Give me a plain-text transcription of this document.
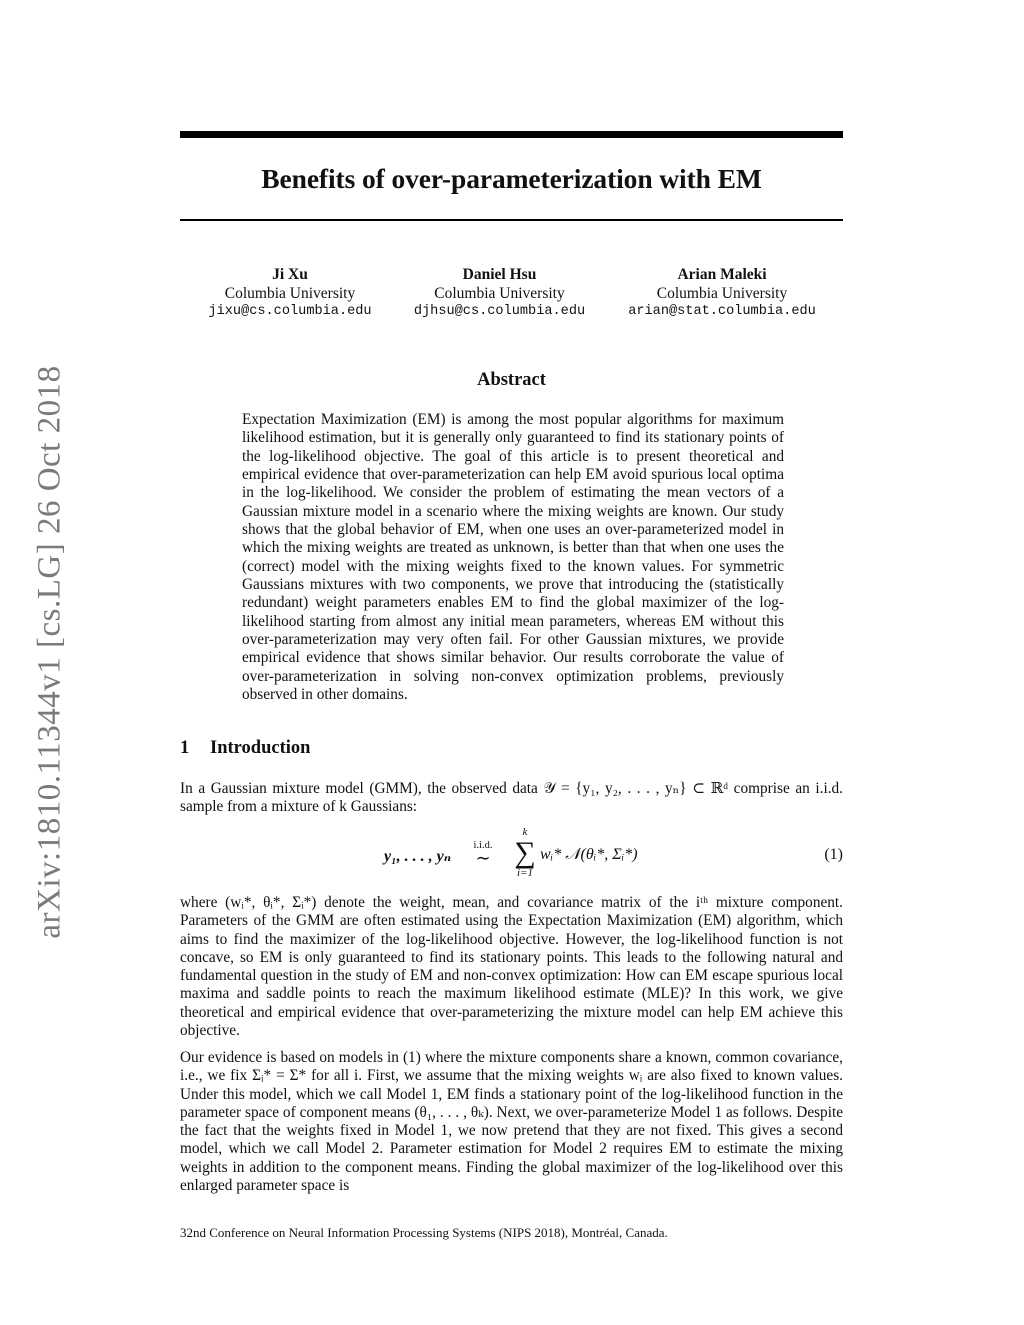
Benefits of over-parameterization with EM
Ji Xu
Columbia University
jixu@cs.columbia.edu
Daniel Hsu
Columbia University
djhsu@cs.columbia.edu
Arian Maleki
Columbia University
arian@stat.columbia.edu
Abstract
Expectation Maximization (EM) is among the most popular algorithms for maximum likelihood estimation, but it is generally only guaranteed to find its stationary points of the log-likelihood objective. The goal of this article is to present theoretical and empirical evidence that over-parameterization can help EM avoid spurious local optima in the log-likelihood. We consider the problem of estimating the mean vectors of a Gaussian mixture model in a scenario where the mixing weights are known. Our study shows that the global behavior of EM, when one uses an over-parameterized model in which the mixing weights are treated as unknown, is better than that when one uses the (correct) model with the mixing weights fixed to the known values. For symmetric Gaussians mixtures with two components, we prove that introducing the (statistically redundant) weight parameters enables EM to find the global maximizer of the log-likelihood starting from almost any initial mean parameters, whereas EM without this over-parameterization may very often fail. For other Gaussian mixtures, we provide empirical evidence that shows similar behavior. Our results corroborate the value of over-parameterization in solving non-convex optimization problems, previously observed in other domains.
1 Introduction
In a Gaussian mixture model (GMM), the observed data 𝒴 = {y₁, y₂, . . . , yₙ} ⊂ ℝᵈ comprise an i.i.d. sample from a mixture of k Gaussians:
y₁, . . . , yₙ
i.i.d.
∼
k
∑
i=1
wᵢ* 𝒩(θᵢ*, Σᵢ*)	(1)
where (wᵢ*, θᵢ*, Σᵢ*) denote the weight, mean, and covariance matrix of the iᵗʰ mixture component. Parameters of the GMM are often estimated using the Expectation Maximization (EM) algorithm, which aims to find the maximizer of the log-likelihood objective. However, the log-likelihood function is not concave, so EM is only guaranteed to find its stationary points. This leads to the following natural and fundamental question in the study of EM and non-convex optimization: How can EM escape spurious local maxima and saddle points to reach the maximum likelihood estimate (MLE)? In this work, we give theoretical and empirical evidence that over-parameterizing the mixture model can help EM achieve this objective.
Our evidence is based on models in (1) where the mixture components share a known, common covariance, i.e., we fix Σᵢ* = Σ* for all i. First, we assume that the mixing weights wᵢ are also fixed to known values. Under this model, which we call Model 1, EM finds a stationary point of the log-likelihood function in the parameter space of component means (θ₁, . . . , θₖ). Next, we over-parameterize Model 1 as follows. Despite the fact that the weights fixed in Model 1, we now pretend that they are not fixed. This gives a second model, which we call Model 2. Parameter estimation for Model 2 requires EM to estimate the mixing weights in addition to the component means. Finding the global maximizer of the log-likelihood over this enlarged parameter space is
32nd Conference on Neural Information Processing Systems (NIPS 2018), Montréal, Canada.
arXiv:1810.11344v1 [cs.LG] 26 Oct 2018
